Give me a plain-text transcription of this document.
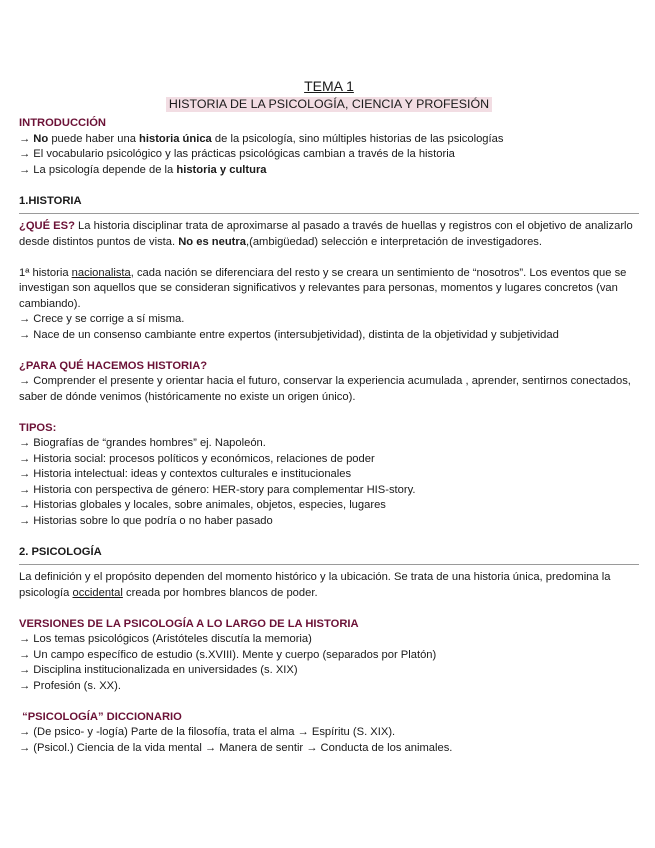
TEMA 1
HISTORIA DE LA PSICOLOGÍA, CIENCIA Y PROFESIÓN
INTRODUCCIÓN
→ No puede haber una historia única de la psicología, sino múltiples historias de las psicologías
→ El vocabulario psicológico y las prácticas psicológicas cambian a través de la historia
→ La psicología depende de la historia y cultura
1.HISTORIA
¿QUÉ ES? La historia disciplinar trata de aproximarse al pasado a través de huellas y registros con el objetivo de analizarlo desde distintos puntos de vista. No es neutra,(ambigüedad) selección e interpretación de investigadores.
1ª historia nacionalista, cada nación se diferenciara del resto y se creara un sentimiento de “nosotros”. Los eventos que se investigan son aquellos que se consideran significativos y relevantes para personas, momentos y lugares concretos (van cambiando).
→ Crece y se corrige a sí misma.
→ Nace de un consenso cambiante entre expertos (intersubjetividad), distinta de la objetividad y subjetividad
¿PARA QUÉ HACEMOS HISTORIA?
→ Comprender el presente y orientar hacia el futuro, conservar la experiencia acumulada , aprender, sentirnos conectados, saber de dónde venimos (históricamente no existe un origen único).
TIPOS:
→ Biografías de “grandes hombres” ej. Napoleón.
→ Historia social: procesos políticos y económicos, relaciones de poder
→ Historia intelectual: ideas y contextos culturales e institucionales
→ Historia con perspectiva de género: HER-story para complementar HIS-story.
→ Historias globales y locales, sobre animales, objetos, especies, lugares
→ Historias sobre lo que podría o no haber pasado
2. PSICOLOGÍA
La definición y el propósito dependen del momento histórico y la ubicación. Se trata de una historia única, predomina la psicología occidental creada por hombres blancos de poder.
VERSIONES DE LA PSICOLOGÍA A LO LARGO DE LA HISTORIA
→ Los temas psicológicos (Aristóteles discutía la memoria)
→ Un campo específico de estudio (s.XVIII). Mente y cuerpo (separados por Platón)
→ Disciplina institucionalizada en universidades (s. XIX)
→ Profesión (s. XX).
“PSICOLOGÍA” DICCIONARIO
→ (De psico- y -logía) Parte de la filosofía, trata el alma → Espíritu (S. XIX).
→ (Psicol.) Ciencia de la vida mental → Manera de sentir → Conducta de los animales.
